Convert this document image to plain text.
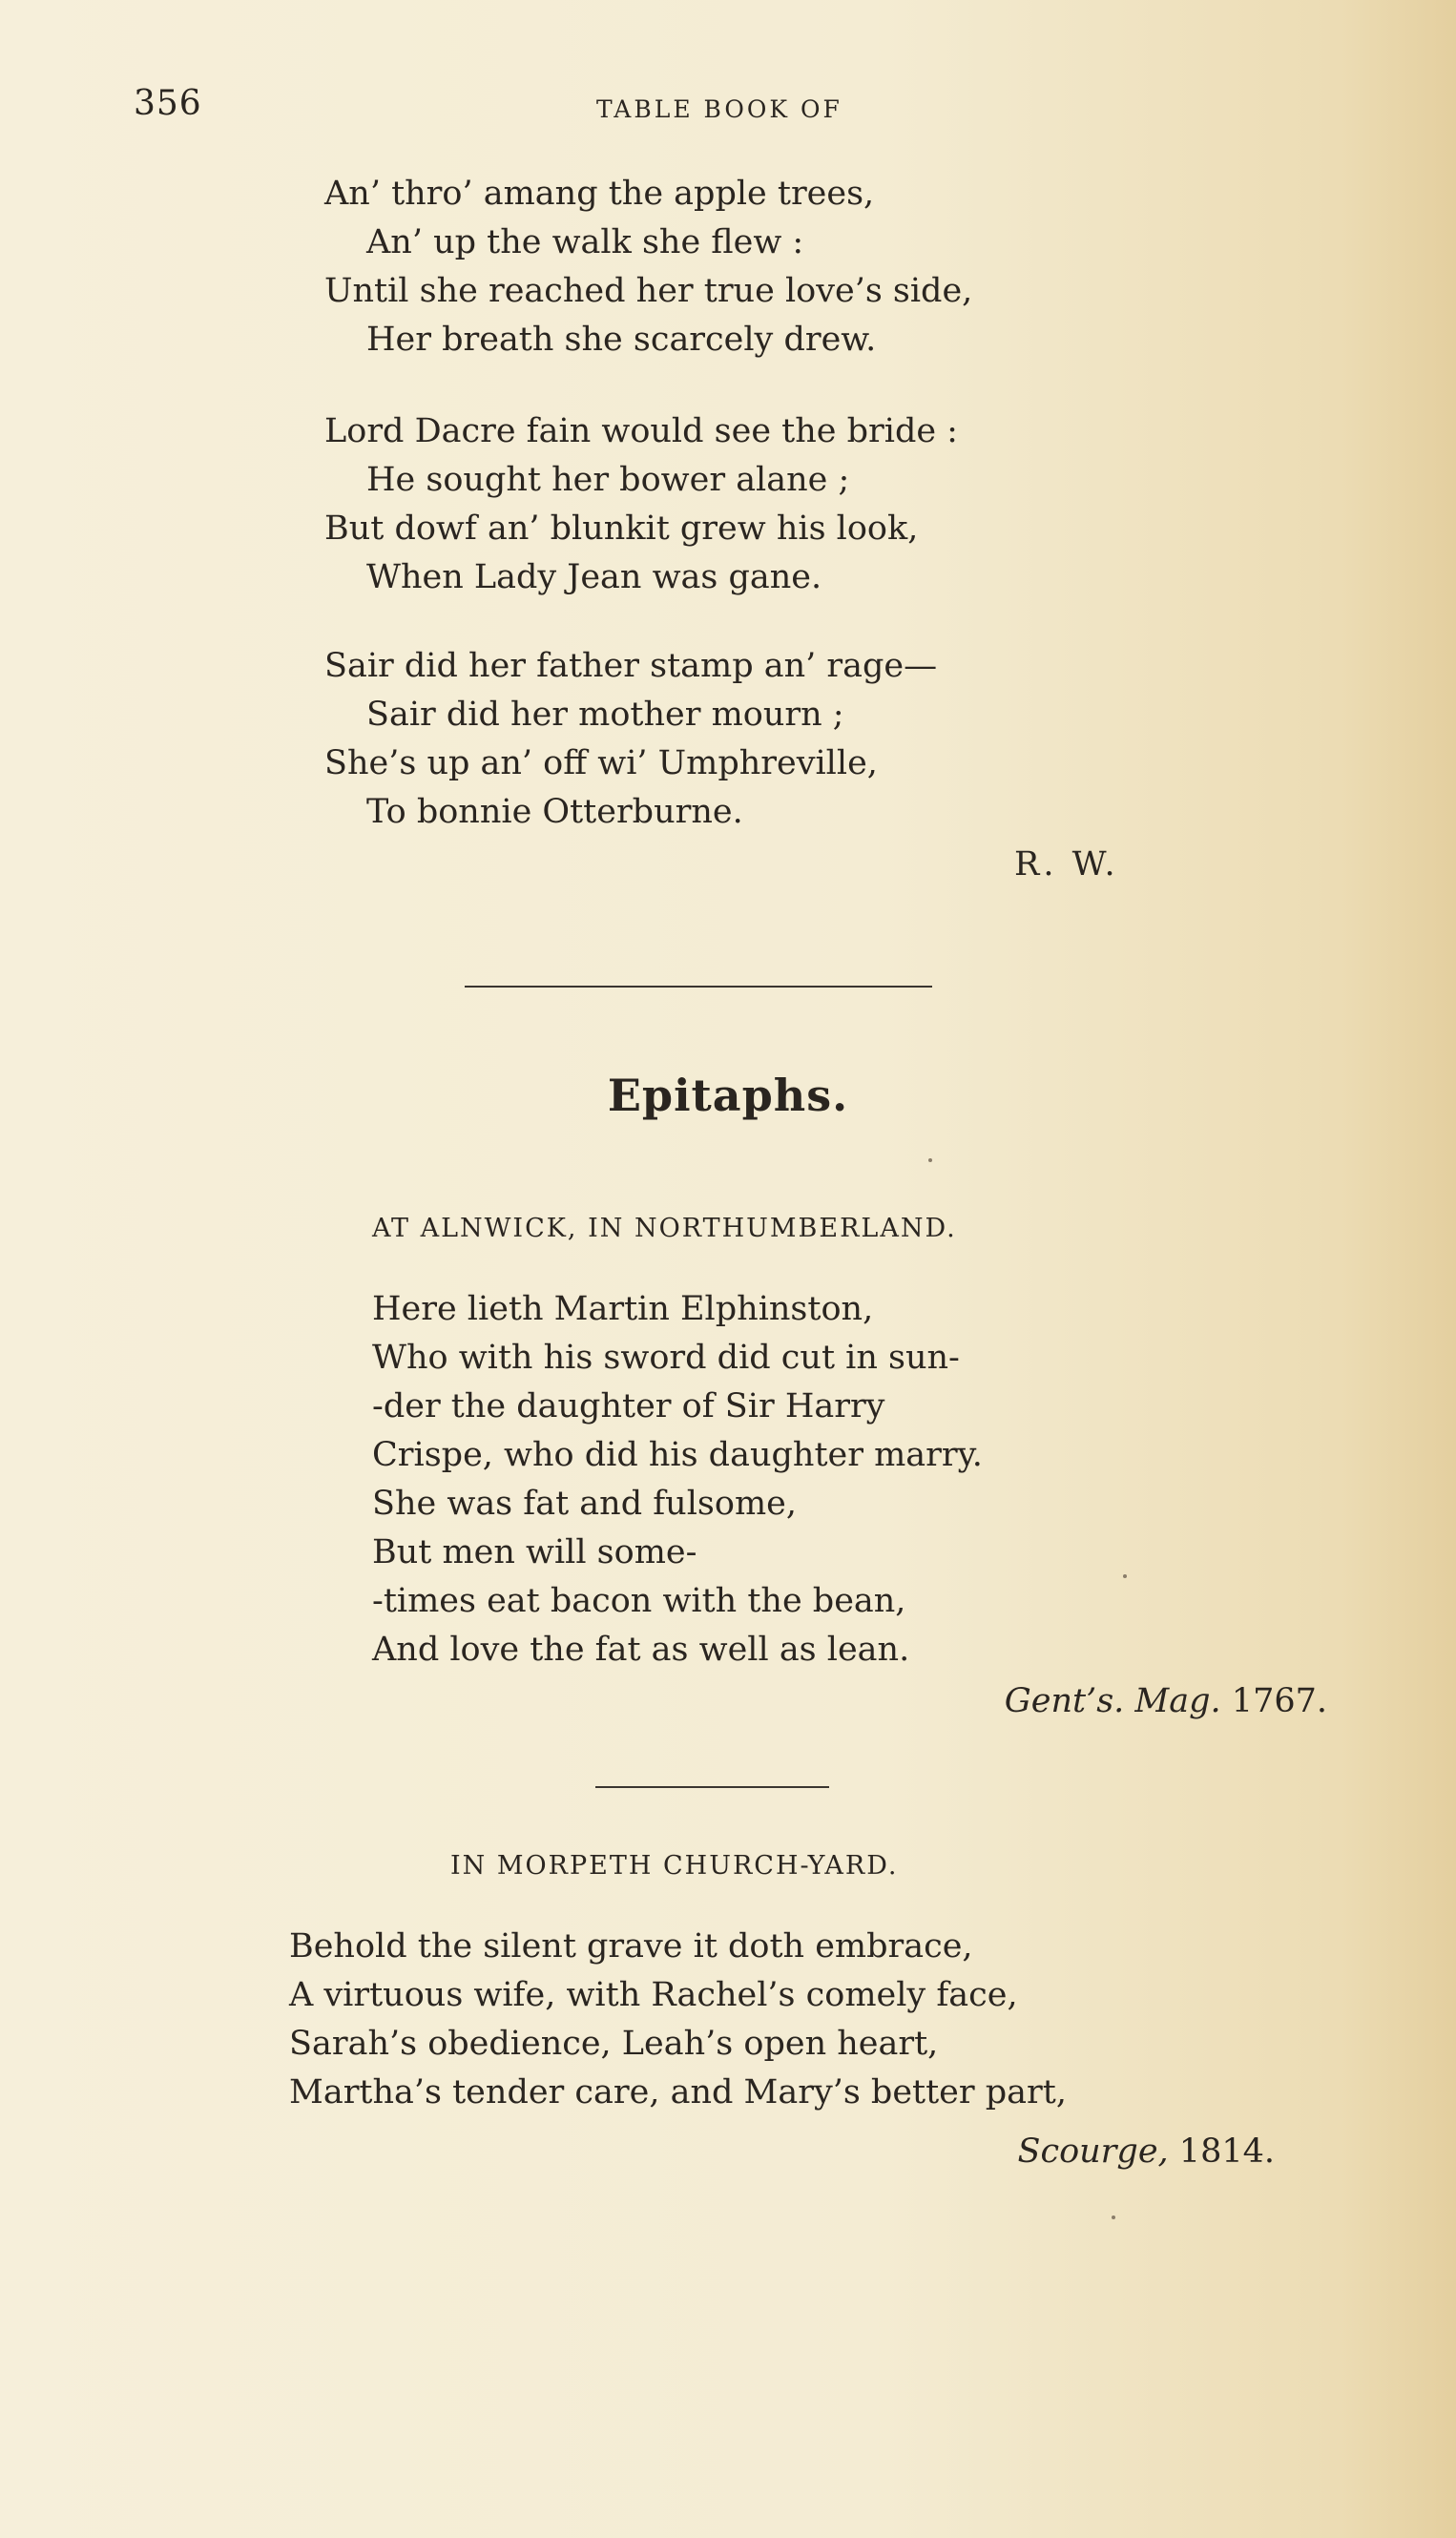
356	TABLE BOOK OF
An’ thro’ amang the apple trees,
An’ up the walk she flew :
Until she reached her true love’s side,
Her breath she scarcely drew.
Lord Dacre fain would see the bride :
He sought her bower alane ;
But dowf an’ blunkit grew his look,
When Lady Jean was gane.
Sair did her father stamp an’ rage—
Sair did her mother mourn ;
She’s up an’ off wi’ Umphreville,
To bonnie Otterburne.
R. W.
Epitaphs.
AT ALNWICK, IN NORTHUMBERLAND.
Here lieth Martin Elphinston,
Who with his sword did cut in sun-
-der the daughter of Sir Harry
Crispe, who did his daughter marry.
She was fat and fulsome,
But men will some-
-times eat bacon with the bean,
And love the fat as well as lean.
Gent’s. Mag. 1767.
IN MORPETH CHURCH-YARD.
Behold the silent grave it doth embrace,
A virtuous wife, with Rachel’s comely face,
Sarah’s obedience, Leah’s open heart,
Martha’s tender care, and Mary’s better part,
Scourge, 1814.
